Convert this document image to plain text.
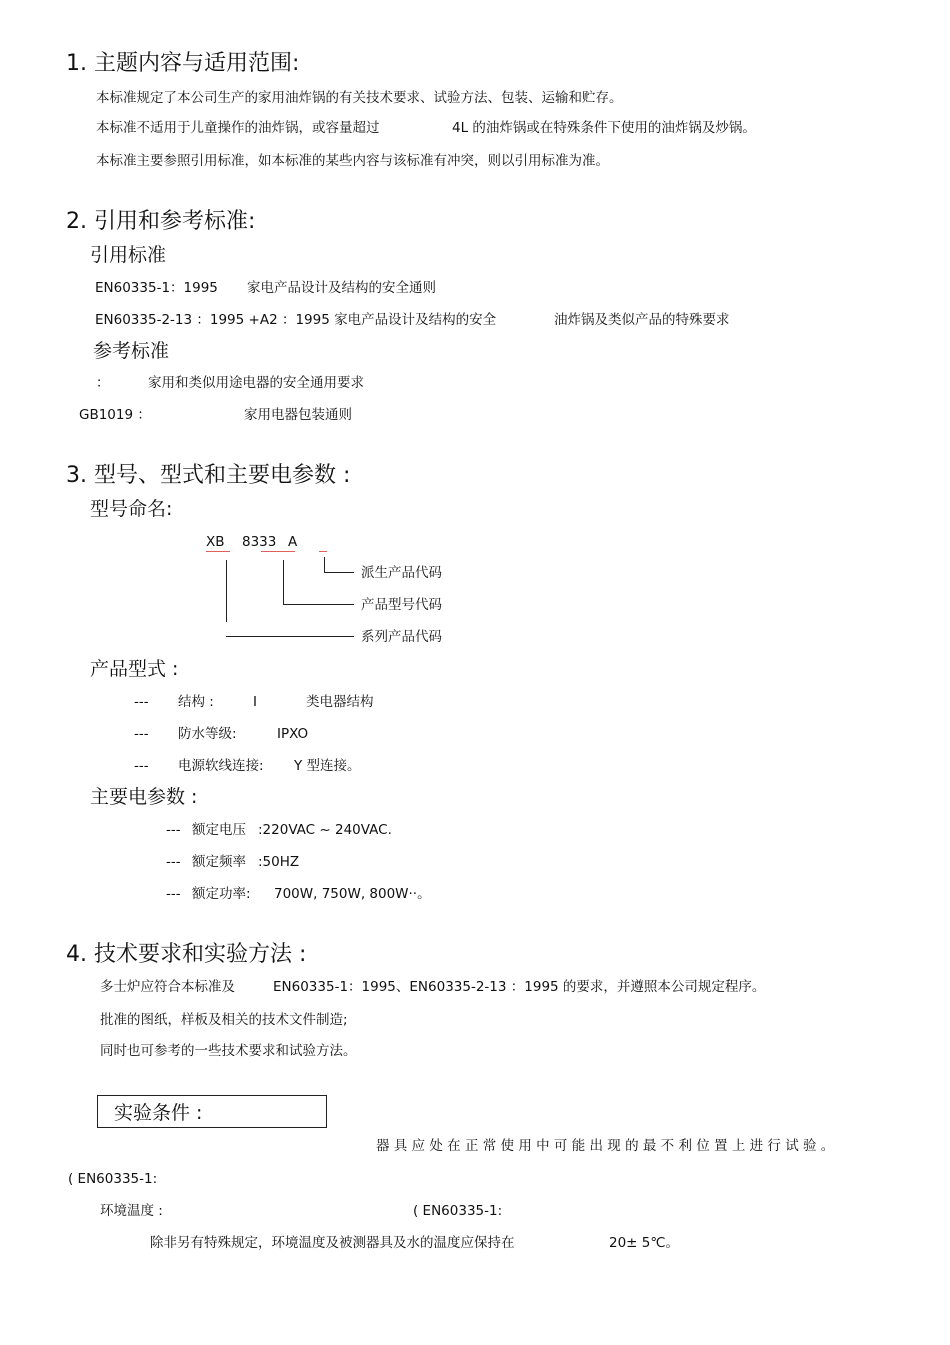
1. 主题内容与适用范围:
本标准规定了本公司生产的家用油炸锅的有关技术要求、试验方法、包装、运输和贮存。
本标准不适用于儿童操作的油炸锅，或容量超过	4L 的油炸锅或在特殊条件下使用的油炸锅及炒锅。
本标准主要参照引用标准，如本标准的某些内容与该标准有冲突，则以引用标准为准。
2. 引用和参考标准:
引用标准
EN60335-1：1995 家电产品设计及结构的安全通则
EN60335-2-13 ：1995 +A2 ：1995 家电产品设计及结构的安全	油炸锅及类似产品的特殊要求
参考标准
：	家用和类似用途电器的安全通用要求
GB1019 ：	家用电器包装通则
3. 型号、型式和主要电参数 :
型号命名:
XB 8333 A
派生产品代码
产品型号代码
系列产品代码
产品型式 :
--- 结构 :	I	类电器结构
--- 防水等级:	IPXO
--- 电源软线连接: Y 型连接。
主要电参数 :
--- 额定电压 :220VAC ~ 240VAC.
--- 额定频率 :50HZ
--- 额定功率: 700W, 750W, 800W··。
4. 技术要求和实验方法 :
多士炉应符合本标准及	EN60335-1：1995、EN60335-2-13 ：1995 的要求，并遵照本公司规定程序。
批准的图纸，样板及相关的技术文件制造;
同时也可参考的一些技术要求和试验方法。
实验条件 :
器 具 应 处 在 正 常 使 用 中 可 能 出 现 的 最 不 利 位 置 上 进 行 试 验 。
( EN60335-1:
环境温度 :	( EN60335-1:
除非另有特殊规定，环境温度及被测器具及水的温度应保持在	20± 5℃。
